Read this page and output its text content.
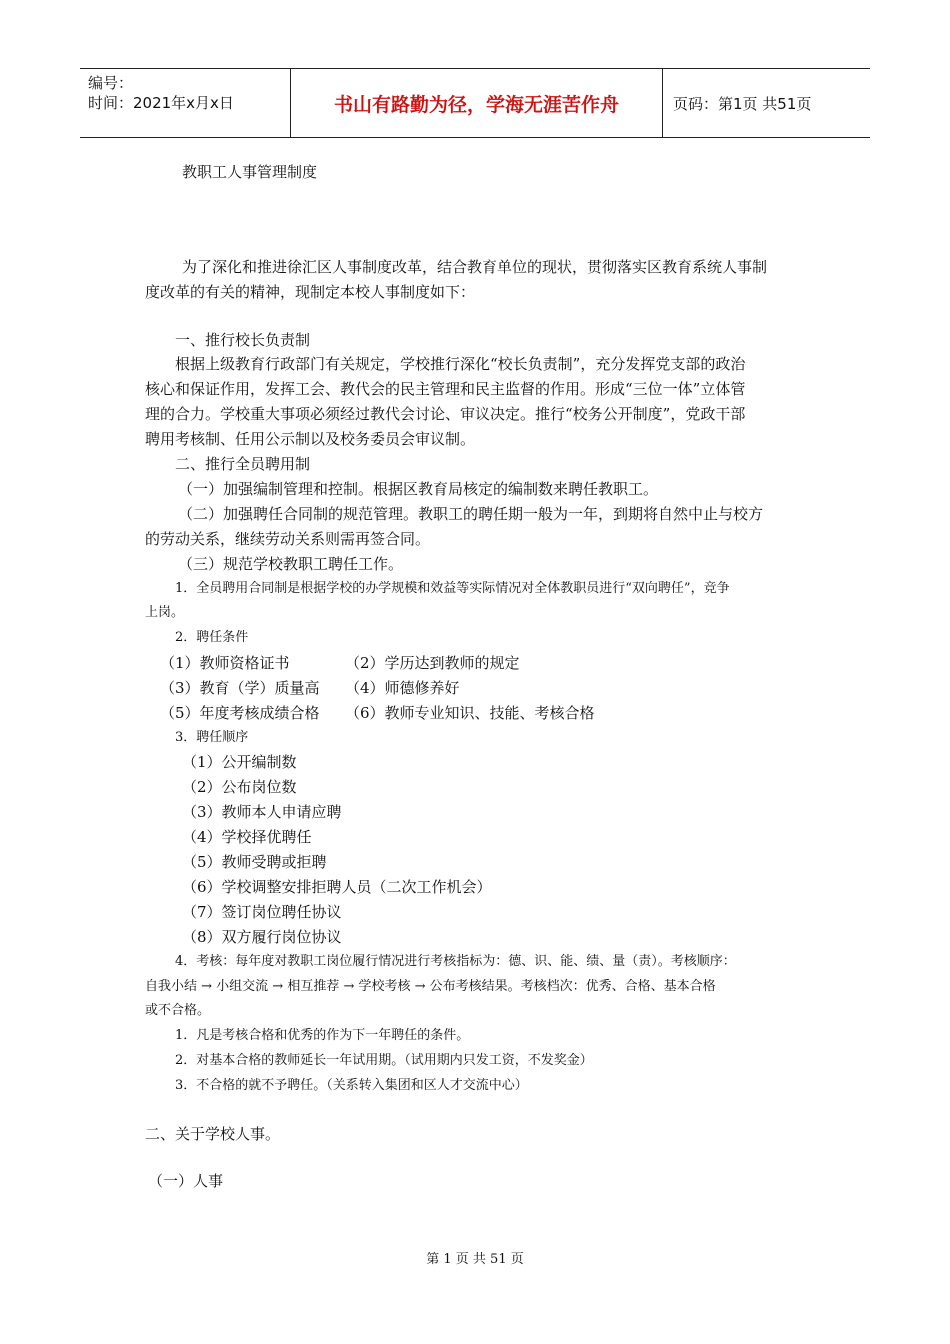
编号：
时间：2021年x月x日	书山有路勤为径，学海无涯苦作舟	页码：第1页 共51页
教职工人事管理制度
为了深化和推进徐汇区人事制度改革，结合教育单位的现状，贯彻落实区教育系统人事制
度改革的有关的精神，现制定本校人事制度如下：
一、推行校长负责制
根据上级教育行政部门有关规定，学校推行深化“校长负责制”，充分发挥党支部的政治
核心和保证作用，发挥工会、教代会的民主管理和民主监督的作用。形成“三位一体”立体管
理的合力。学校重大事项必须经过教代会讨论、审议决定。推行“校务公开制度”，党政干部
聘用考核制、任用公示制以及校务委员会审议制。
二、推行全员聘用制
（一）加强编制管理和控制。根据区教育局核定的编制数来聘任教职工。
（二）加强聘任合同制的规范管理。教职工的聘任期一般为一年，到期将自然中止与校方
的劳动关系，继续劳动关系则需再签合同。
（三）规范学校教职工聘任工作。
1．全员聘用合同制是根据学校的办学规模和效益等实际情况对全体教职员进行“双向聘任”，竞争
上岗。
2．聘任条件
（1）教师资格证书	（2）学历达到教师的规定
（3）教育（学）质量高 （4）师德修养好
（5）年度考核成绩合格 （6）教师专业知识、技能、考核合格
3．聘任顺序
（1）公开编制数
（2）公布岗位数
（3）教师本人申请应聘
（4）学校择优聘任
（5）教师受聘或拒聘
（6）学校调整安排拒聘人员（二次工作机会）
（7）签订岗位聘任协议
（8）双方履行岗位协议
4．考核：每年度对教职工岗位履行情况进行考核指标为：德、识、能、绩、量（责）。考核顺序：
自我小结 → 小组交流 → 相互推荐 → 学校考核 → 公布考核结果。考核档次：优秀、合格、基本合格
或不合格。
1．凡是考核合格和优秀的作为下一年聘任的条件。
2．对基本合格的教师延长一年试用期。（试用期内只发工资，不发奖金）
3．不合格的就不予聘任。（关系转入集团和区人才交流中心）
二、关于学校人事。
（一）人事
第 1 页 共 51 页
